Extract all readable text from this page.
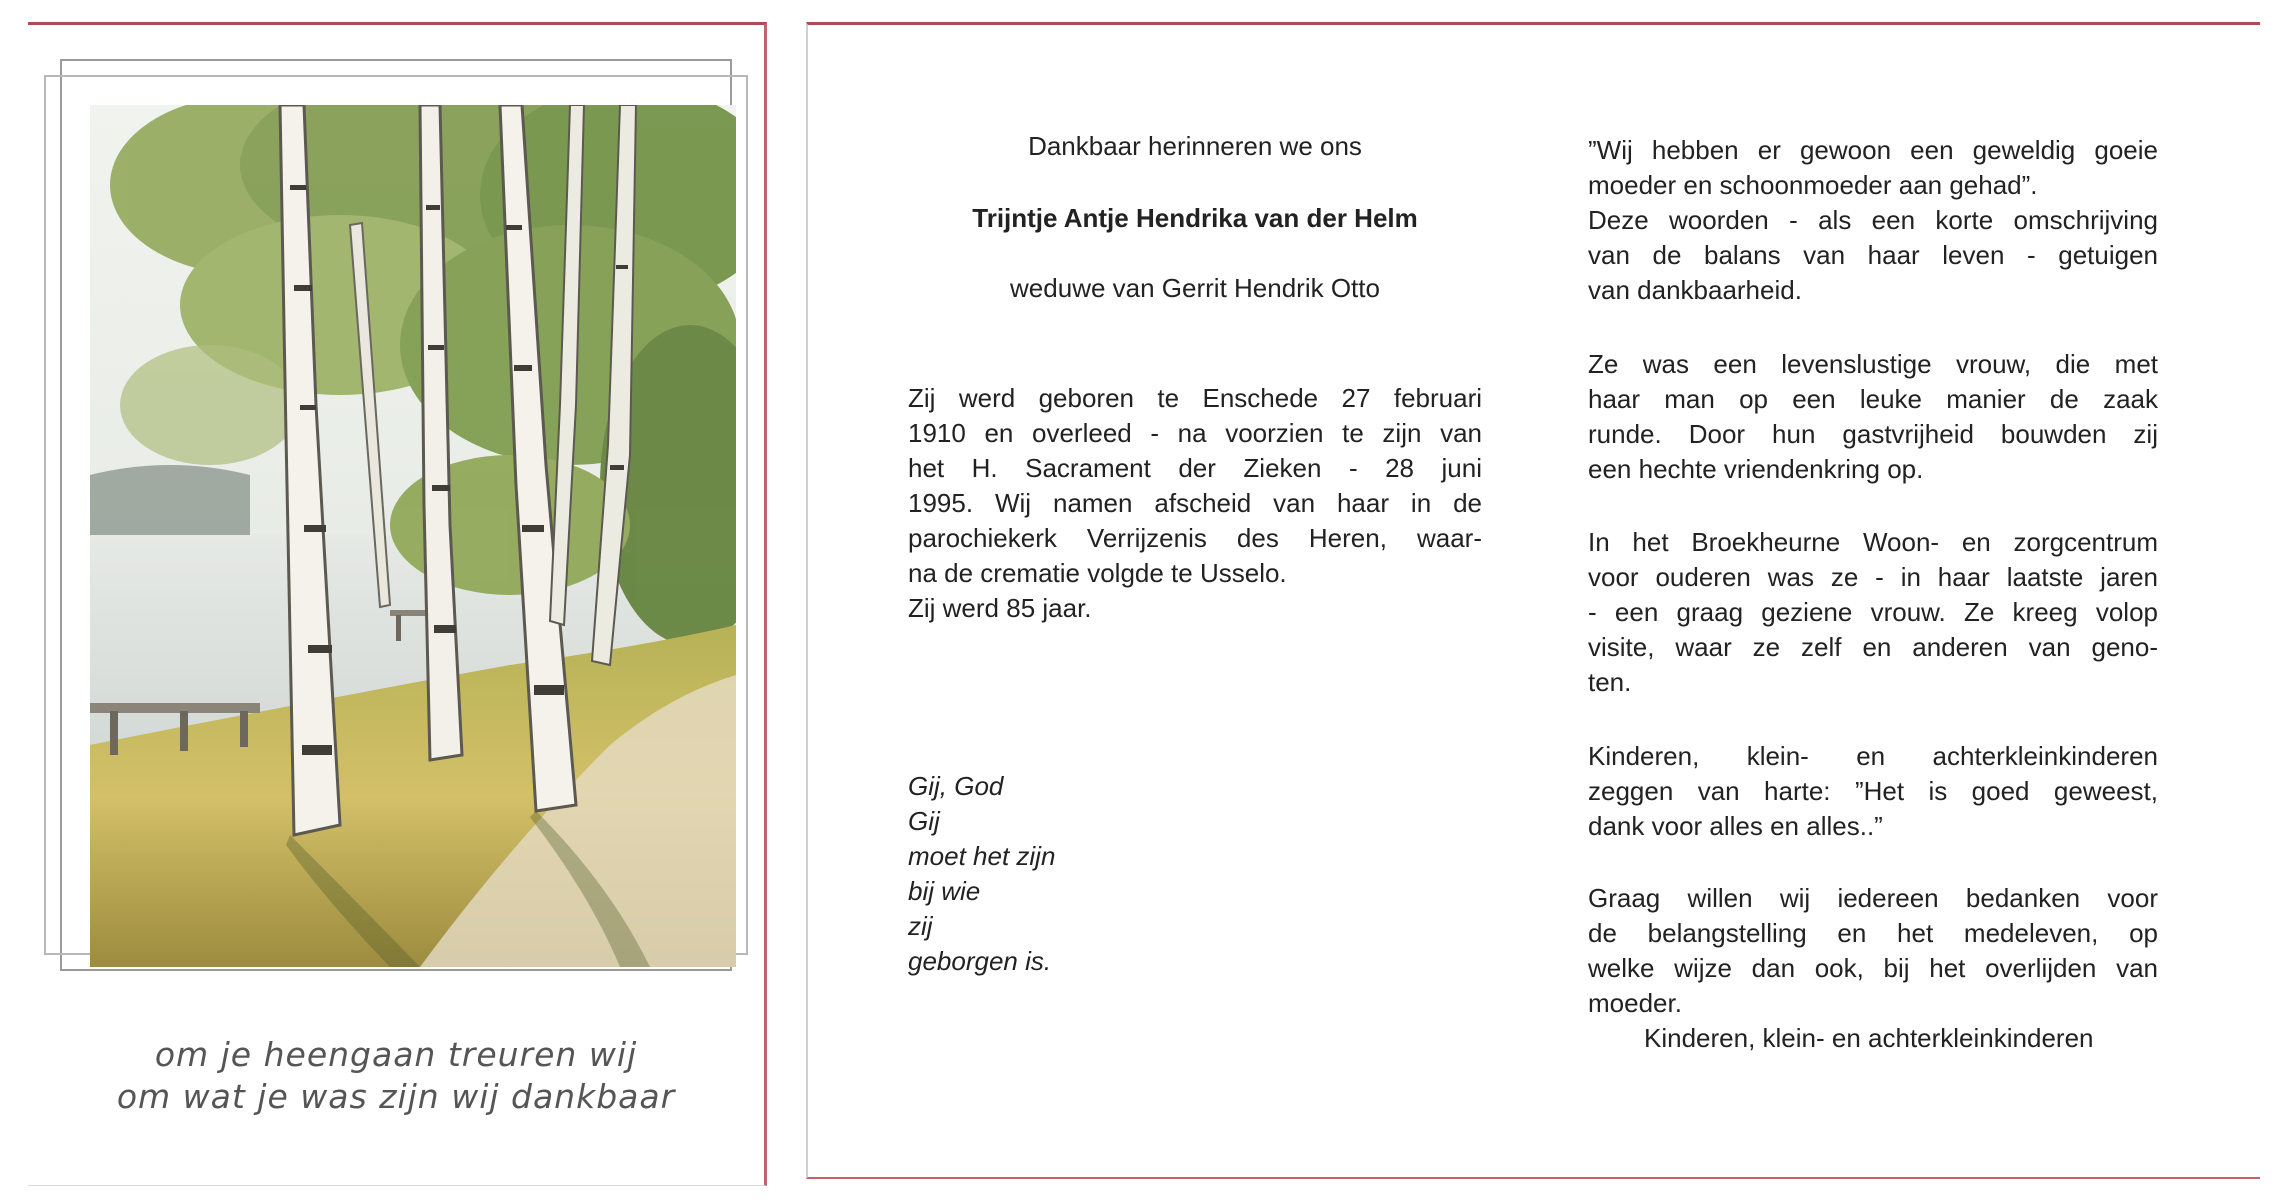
om je heengaan treuren wij
om wat je was zijn wij dankbaar
Dankbaar herinneren we ons
Trijntje Antje Hendrika van der Helm
weduwe van Gerrit Hendrik Otto
Zij werd geboren te Enschede 27 februari
1910 en overleed - na voorzien te zijn van
het H. Sacrament der Zieken - 28 juni
1995. Wij namen afscheid van haar in de
parochiekerk Verrijzenis des Heren, waar-
na de crematie volgde te Usselo.
Zij werd 85 jaar.
Gij, God
Gij
moet het zijn
bij wie
zij
geborgen is.
”Wij hebben er gewoon een geweldig goeie
moeder en schoonmoeder aan gehad”.
Deze woorden - als een korte omschrijving
van de balans van haar leven - getuigen
van dankbaarheid.
Ze was een levenslustige vrouw, die met
haar man op een leuke manier de zaak
runde. Door hun gastvrijheid bouwden zij
een hechte vriendenkring op.
In het Broekheurne Woon- en zorgcentrum
voor ouderen was ze - in haar laatste jaren
- een graag geziene vrouw. Ze kreeg volop
visite, waar ze zelf en anderen van geno-
ten.
Kinderen, klein- en achterkleinkinderen
zeggen van harte: ”Het is goed geweest,
dank voor alles en alles..”
Graag willen wij iedereen bedanken voor
de belangstelling en het medeleven, op
welke wijze dan ook, bij het overlijden van
moeder.
Kinderen, klein- en achterkleinkinderen
